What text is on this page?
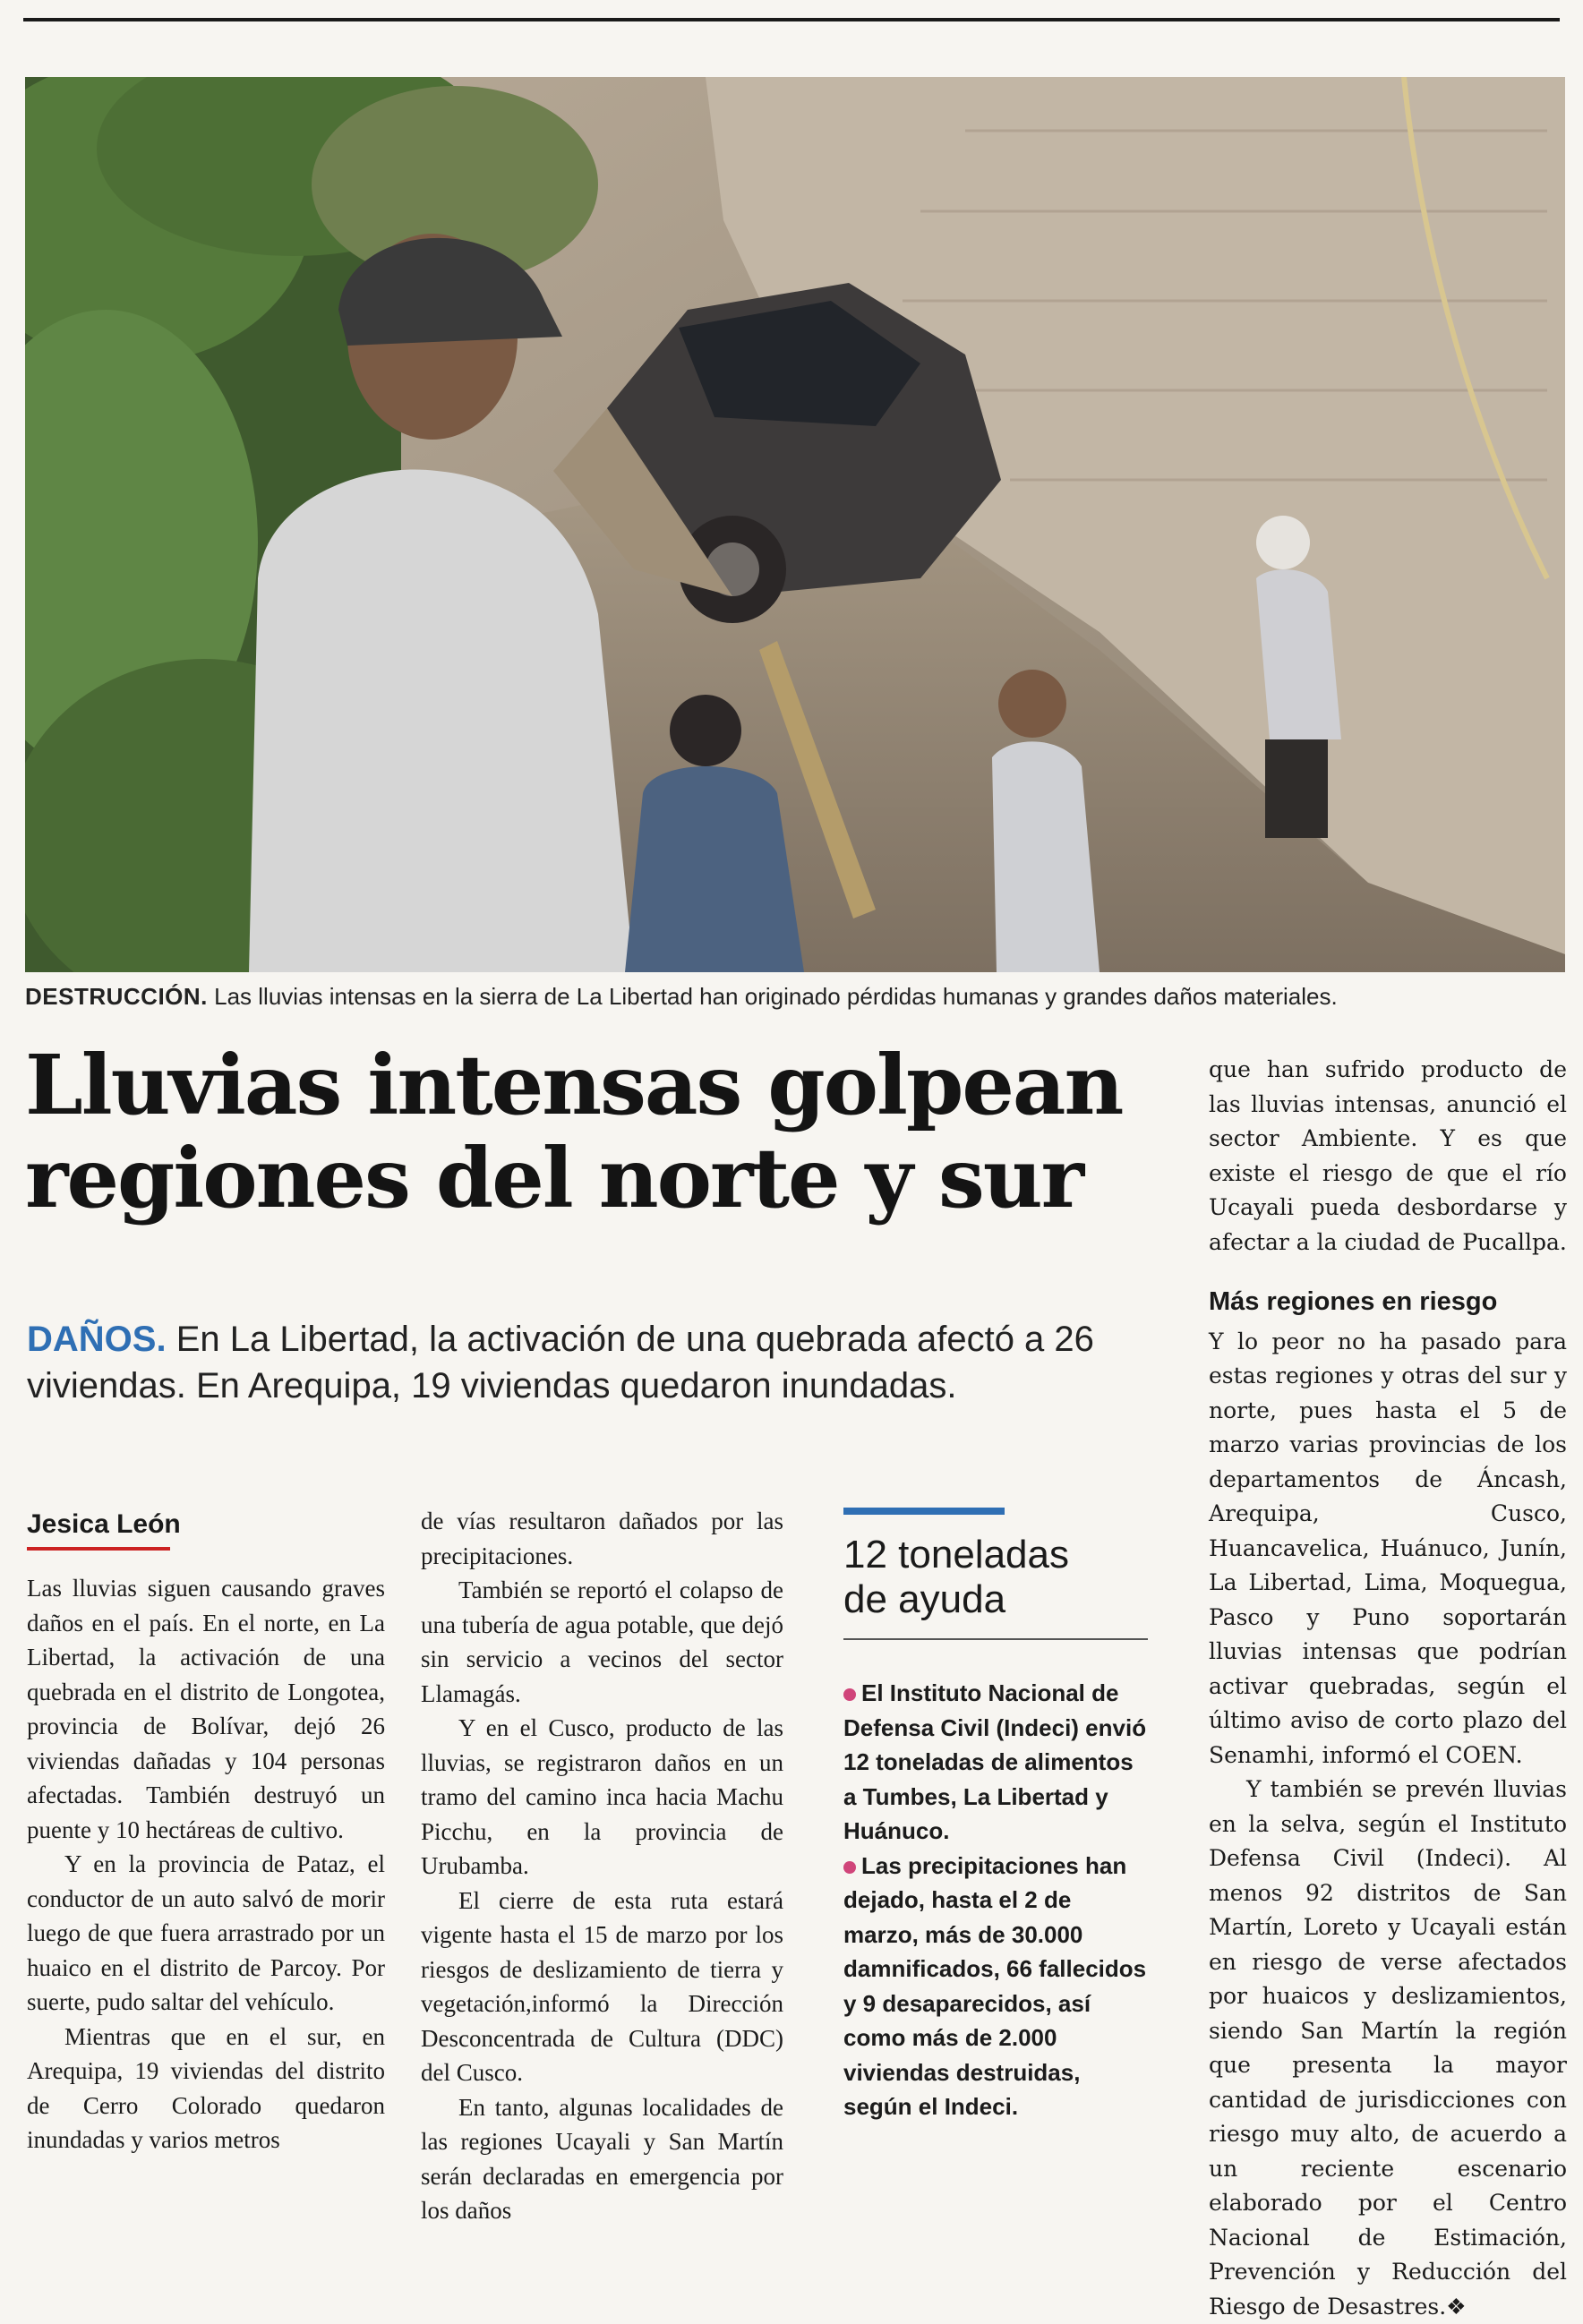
DESTRUCCIÓN. Las lluvias intensas en la sierra de La Libertad han originado pérdidas humanas y grandes daños materiales.
Lluvias intensas golpean
regiones del norte y sur
DAÑOS. En La Libertad, la activación de una quebrada afectó a 26 viviendas. En Arequipa, 19 viviendas quedaron inundadas.
Jesica León

Las lluvias siguen causando graves daños en el país. En el norte, en La Libertad, la activación de una quebrada en el distrito de Longotea, provincia de Bolívar, dejó 26 viviendas dañadas y 104 personas afectadas. También destruyó un puente y 10 hectáreas de cultivo.

Y en la provincia de Pataz, el conductor de un auto salvó de morir luego de que fuera arrastrado por un huaico en el distrito de Parcoy. Por suerte, pudo saltar del vehículo.

Mientras que en el sur, en Arequipa, 19 viviendas del distrito de Cerro Colorado quedaron inundadas y varios metros

de vías resultaron dañados por las precipitaciones.

También se reportó el colapso de una tubería de agua potable, que dejó sin servicio a vecinos del sector Llamagás.

Y en el Cusco, producto de las lluvias, se registraron daños en un tramo del camino inca hacia Machu Picchu, en la provincia de Urubamba.

El cierre de esta ruta estará vigente hasta el 15 de marzo por los riesgos de deslizamiento de tierra y vegetación,informó la Dirección Desconcentrada de Cultura (DDC) del Cusco.

En tanto, algunas localidades de las regiones Ucayali y San Martín serán declaradas en emergencia por los daños

12 toneladas
de ayuda

El Instituto Nacional de Defensa Civil (Indeci) envió 12 toneladas de alimentos a Tumbes, La Libertad y Huánuco.

Las precipitaciones han dejado, hasta el 2 de marzo, más de 30.000 damnificados, 66 fallecidos y 9 desaparecidos, así como más de 2.000 viviendas destruidas, según el Indeci.

que han sufrido producto de las lluvias intensas, anunció el sector Ambiente. Y es que existe el riesgo de que el río Ucayali pueda desbordarse y afectar a la ciudad de Pucallpa.

Más regiones en riesgo

Y lo peor no ha pasado para estas regiones y otras del sur y norte, pues hasta el 5 de marzo varias provincias de los departamentos de Áncash, Arequipa, Cusco, Huancavelica, Huánuco, Junín, La Libertad, Lima, Moquegua, Pasco y Puno soportarán lluvias intensas que podrían activar quebradas, según el último aviso de corto plazo del Senamhi, informó el COEN.

Y también se prevén lluvias en la selva, según el Instituto Defensa Civil (Indeci). Al menos 92 distritos de San Martín, Loreto y Ucayali están en riesgo de verse afectados por huaicos y deslizamientos, siendo San Martín la región que presenta la mayor cantidad de jurisdicciones con riesgo muy alto, de acuerdo a un reciente escenario elaborado por el Centro Nacional de Estimación, Prevención y Reducción del Riesgo de Desastres.❖
